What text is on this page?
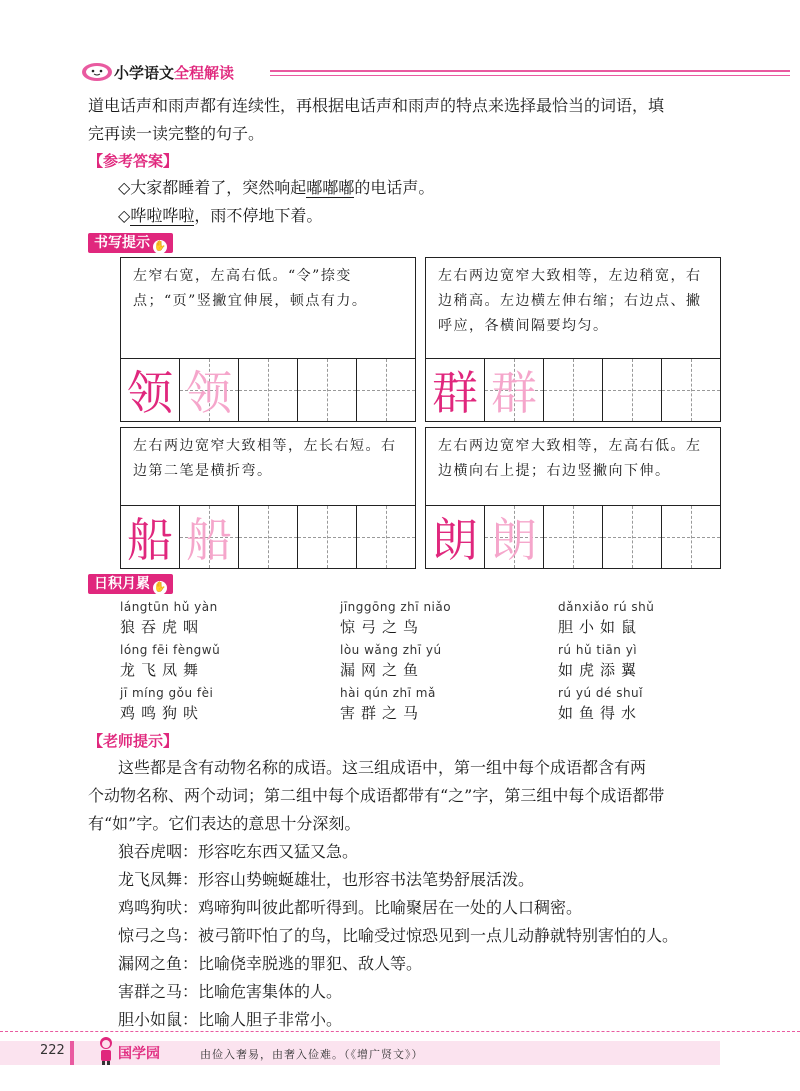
小学语文全程解读
道电话声和雨声都有连续性，再根据电话声和雨声的特点来选择最恰当的词语，填
完再读一读完整的句子。
【参考答案】
◇大家都睡着了，突然响起嘟嘟嘟的电话声。
◇哗啦哗啦，雨不停地下着。
书写提示 ✋
左窄右宽，左高右低。“令”捺变点；“页”竖撇宜伸展，顿点有力。
领 领
左右两边宽窄大致相等，左边稍宽，右边稍高。左边横左伸右缩；右边点、撇呼应，各横间隔要均匀。
群 群
左右两边宽窄大致相等，左长右短。右边第二笔是横折弯。
船 船
左右两边宽窄大致相等，左高右低。左边横向右上提；右边竖撇向下伸。
朗 朗
日积月累 ✋
lángtūn hǔ yàn
狼吞虎咽
jīnggōng zhī niǎo
惊弓之鸟
dǎnxiǎo rú shǔ
胆小如鼠
lóng fēi fèngwǔ
龙飞凤舞
lòu wǎng zhī yú
漏网之鱼
rú hǔ tiān yì
如虎添翼
jī míng gǒu fèi
鸡鸣狗吠
hài qún zhī mǎ
害群之马
rú yú dé shuǐ
如鱼得水
【老师提示】
这些都是含有动物名称的成语。这三组成语中，第一组中每个成语都含有两
个动物名称、两个动词；第二组中每个成语都带有“之”字，第三组中每个成语都带
有“如”字。它们表达的意思十分深刻。
狼吞虎咽：形容吃东西又猛又急。
龙飞凤舞：形容山势蜿蜒雄壮，也形容书法笔势舒展活泼。
鸡鸣狗吠：鸡啼狗叫彼此都听得到。比喻聚居在一处的人口稠密。
惊弓之鸟：被弓箭吓怕了的鸟，比喻受过惊恐见到一点儿动静就特别害怕的人。
漏网之鱼：比喻侥幸脱逃的罪犯、敌人等。
害群之马：比喻危害集体的人。
胆小如鼠：比喻人胆子非常小。
222	国学园	由俭入奢易，由奢入俭难。（《增广贤文》）
